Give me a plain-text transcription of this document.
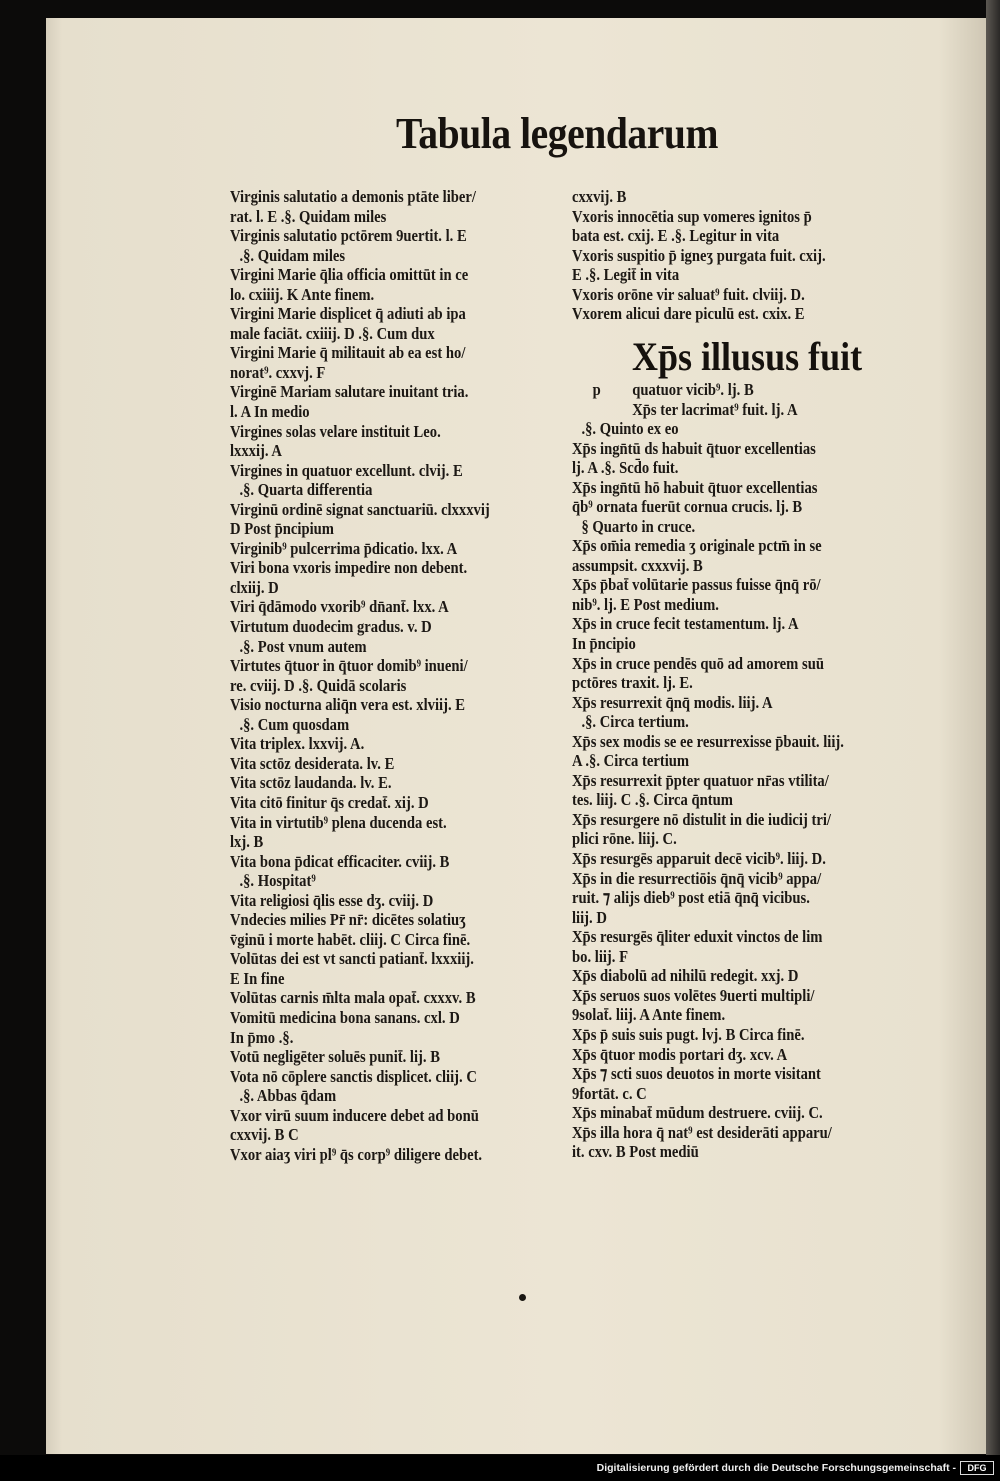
Tabula legendarum
Virginis salutatio a demonis ptāte liber/
rat. l. E .§. Quidam miles
Virginis salutatio pctōrem 9uertit. l. E
.§. Quidam miles
Virgini Marie q̄lia officia omittūt in ce
lo. cxiiij. K Ante finem.
Virgini Marie displicet q̄ adiuti ab ipa
male faciāt. cxiiij. D .§. Cum dux
Virgini Marie q̄ militauit ab ea est ho/
norat⁹. cxxvj. F
Virginē Mariam salutare inuitant tria.
l. A In medio
Virgines solas velare instituit Leo.
lxxxij. A
Virgines in quatuor excellunt. clvij. E
.§. Quarta differentia
Virginū ordinē signat sanctuariū. clxxxvij
D Post p̄ncipium
Virginib⁹ pulcerrima p̄dicatio. lxx. A
Viri bona vxoris impedire non debent.
clxiij. D
Viri q̄dāmodo vxorib⁹ dn̄ant̄. lxx. A
Virtutum duodecim gradus. v. D
.§. Post vnum autem
Virtutes q̄tuor in q̄tuor domib⁹ inueni/
re. cviij. D .§. Quidā scolaris
Visio nocturna aliq̄n vera est. xlviij. E
.§. Cum quosdam
Vita triplex. lxxvij. A.
Vita sctōz desiderata. lv. E
Vita sctōz laudanda. lv. E.
Vita citō finitur q̄s credat̄. xij. D
Vita in virtutib⁹ plena ducenda est.
lxj. B
Vita bona p̄dicat efficaciter. cviij. B
.§. Hospitat⁹
Vita religiosi q̄lis esse dʒ. cviij. D
Vndecies milies Pr̄ nr̄: dicētes solatiuʒ
v̄ginū i morte habēt. cliij. C Circa finē.
Volūtas dei est vt sancti patiant̄. lxxxiij.
E In fine
Volūtas carnis m̄lta mala opat̄. cxxxv. B
Vomitū medicina bona sanans. cxl. D
In p̄mo .§.
Votū negligēter soluēs punit̄. lij. B
Vota nō cōplere sanctis displicet. cliij. C
.§. Abbas q̄dam
Vxor virū suum inducere debet ad bonū
cxxvij. B C
Vxor aiaʒ viri pl⁹ q̄s corp⁹ diligere debet.
cxxvij. B
Vxoris innocētia sup vomeres ignitos p̄
bata est. cxij. E .§. Legitur in vita
Vxoris suspitio p̄ igneʒ purgata fuit. cxij.
E .§. Legit̄ in vita
Vxoris orōne vir saluat⁹ fuit. clviij. D.
Vxorem alicui dare piculū est. cxix. E
Xp̄s illusus fuit
p quatuor vicib⁹. lj. B
Xp̄s ter lacrimat⁹ fuit. lj. A
.§. Quinto ex eo
Xp̄s ingn̄tū ds habuit q̄tuor excellentias
lj. A .§. Scd̄o fuit.
Xp̄s ingn̄tū hō habuit q̄tuor excellentias
q̄b⁹ ornata fuerūt cornua crucis. lj. B
§ Quarto in cruce.
Xp̄s om̄ia remedia ʒ originale pctm̄ in se
assumpsit. cxxxvij. B
Xp̄s p̄bat̄ volūtarie passus fuisse q̄nq̄ rō/
nib⁹. lj. E Post medium.
Xp̄s in cruce fecit testamentum. lj. A
In p̄ncipio
Xp̄s in cruce pendēs quō ad amorem suū
pctōres traxit. lj. E.
Xp̄s resurrexit q̄nq̄ modis. liij. A
.§. Circa tertium.
Xp̄s sex modis se ee resurrexisse p̄bauit. liij.
A .§. Circa tertium
Xp̄s resurrexit p̄pter quatuor nr̄as vtilita/
tes. liij. C .§. Circa q̄ntum
Xp̄s resurgere nō distulit in die iudicij tri/
plici rōne. liij. C.
Xp̄s resurgēs apparuit decē vicib⁹. liij. D.
Xp̄s in die resurrectiōis q̄nq̄ vicib⁹ appa/
ruit. ⁊ alijs dieb⁹ post etiā q̄nq̄ vicibus.
liij. D
Xp̄s resurgēs q̄liter eduxit vinctos de lim
bo. liij. F
Xp̄s diabolū ad nihilū redegit. xxj. D
Xp̄s seruos suos volētes 9uerti multipli/
9solat̄. liij. A Ante finem.
Xp̄s p̄ suis suis pugt. lvj. B Circa finē.
Xp̄s q̄tuor modis portari dʒ. xcv. A
Xp̄s ⁊ scti suos deuotos in morte visitant
9fortāt. c. C
Xp̄s minabat̄ mūdum destruere. cviij. C.
Xp̄s illa hora q̄ nat⁹ est desiderāti apparu/
it. cxv. B Post mediū
Digitalisierung gefördert durch die Deutsche Forschungsgemeinschaft -	DFG
